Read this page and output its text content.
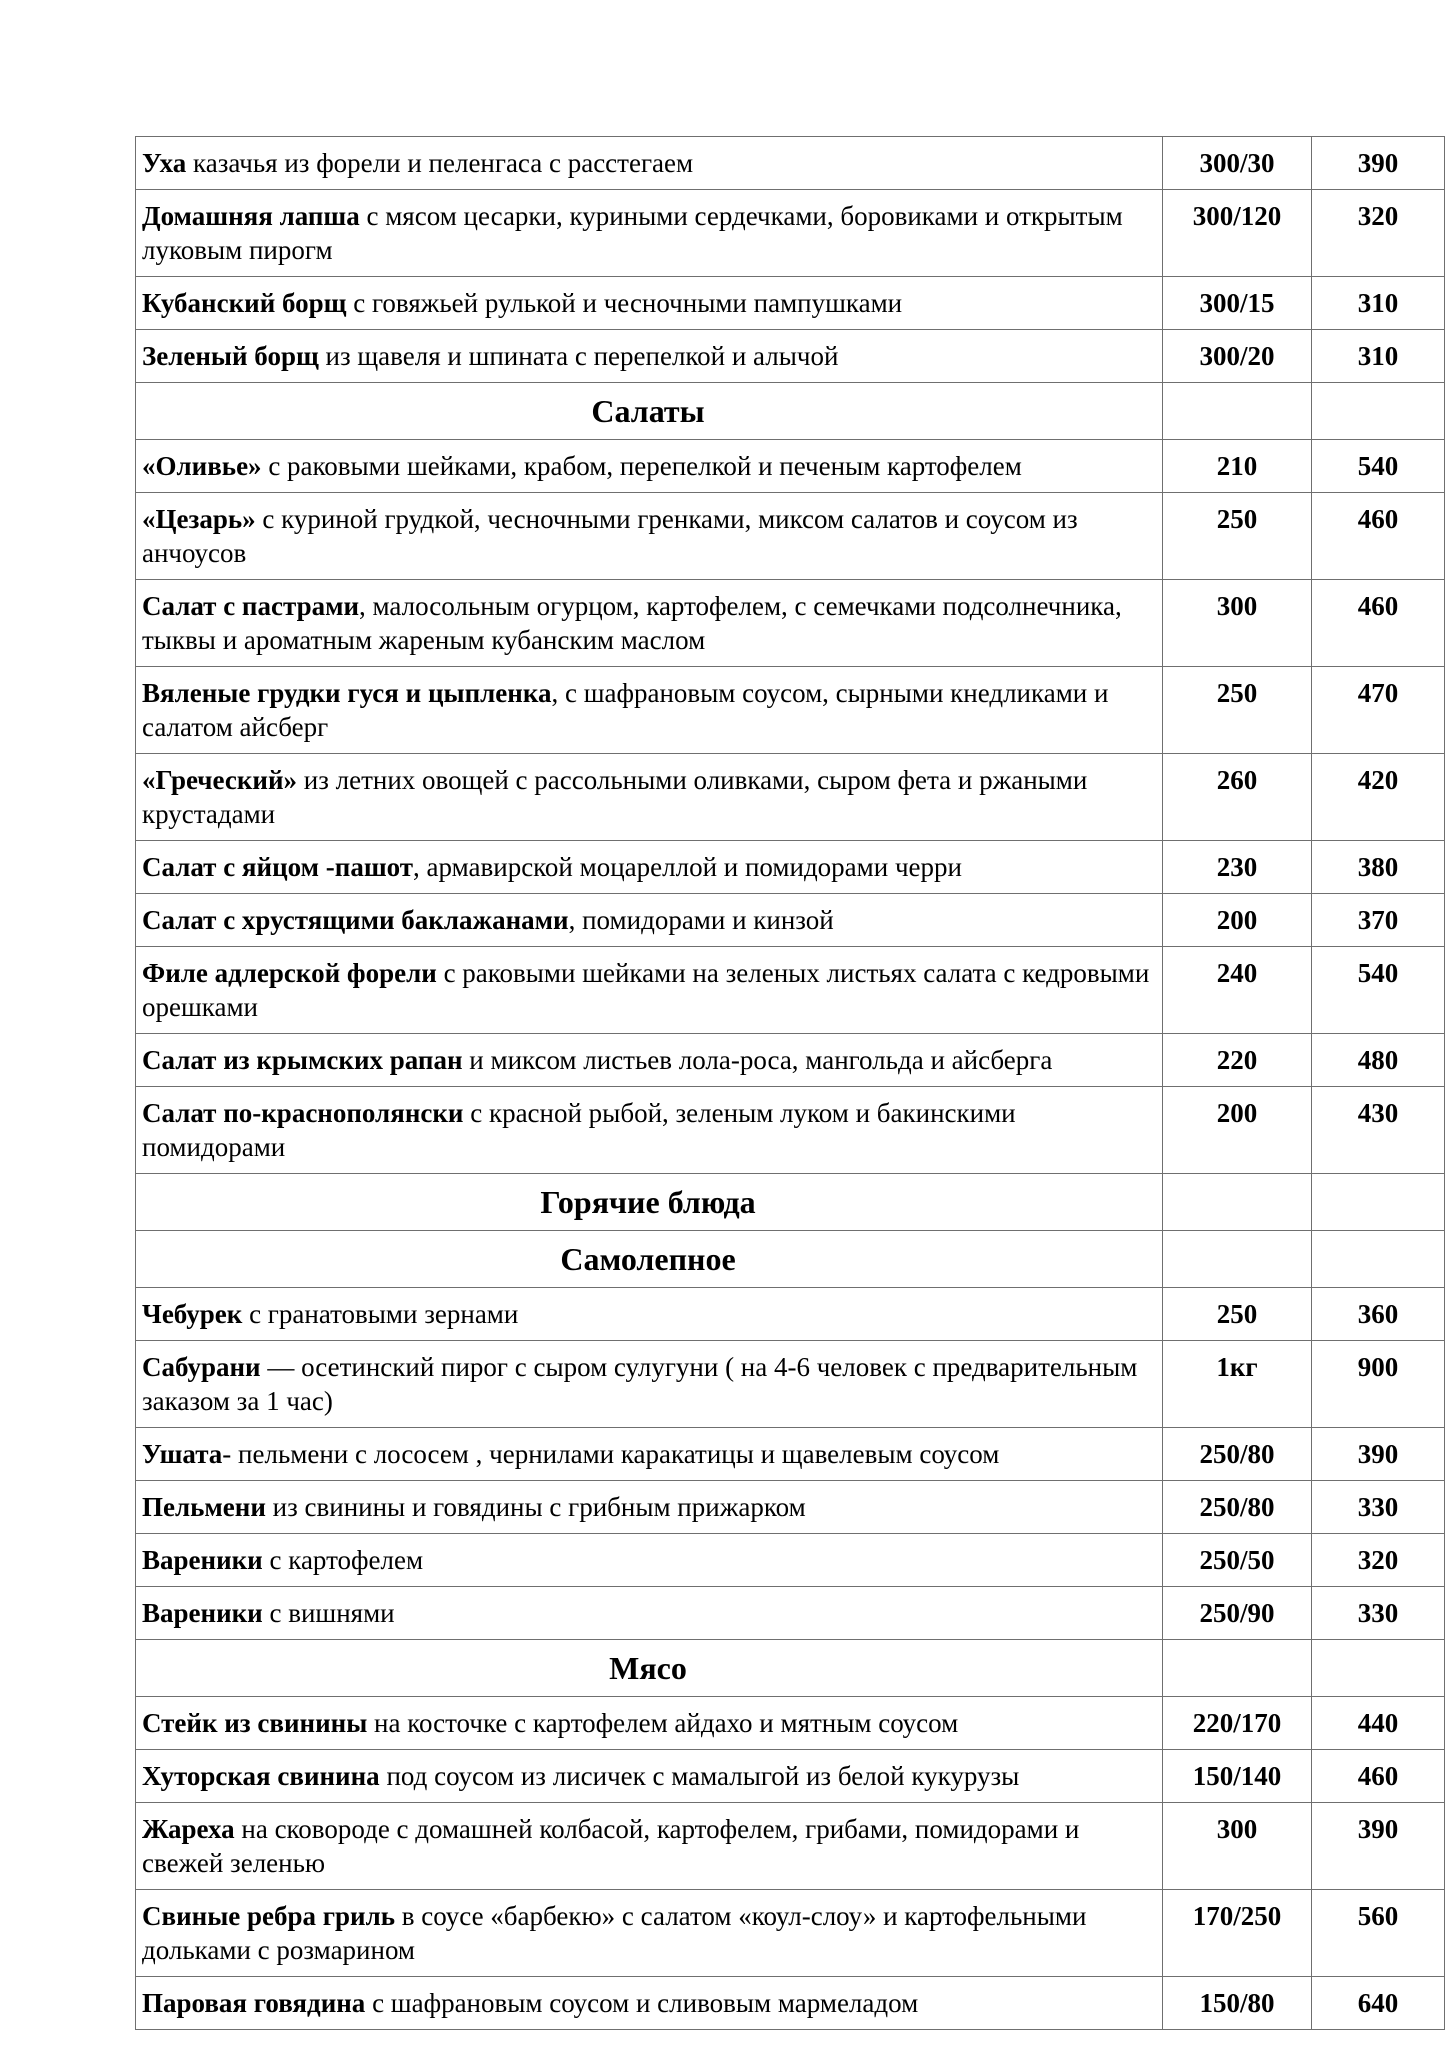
Уха казачья из форели и пеленгаса с расстегаем	300/30	390
Домашняя лапша с мясом цесарки, куриными сердечками, боровиками и открытым луковым пирогм	300/120	320
Кубанский борщ с говяжьей рулькой и чесночными пампушками	300/15	310
Зеленый борщ из щавеля и шпината с перепелкой и алычой	300/20	310
Салаты		
«Оливье» с раковыми шейками, крабом, перепелкой и печеным картофелем	210	540
«Цезарь» с куриной грудкой, чесночными гренками, миксом салатов и соусом из анчоусов	250	460
Салат с пастрами, малосольным огурцом, картофелем, с семечками подсолнечника, тыквы и ароматным жареным кубанским маслом	300	460
Вяленые грудки гуся и цыпленка, с шафрановым соусом, сырными кнедликами и салатом айсберг	250	470
«Греческий» из летних овощей с рассольными оливками, сыром фета и ржаными крустадами	260	420
Салат с яйцом -пашот, армавирской моцареллой и помидорами черри	230	380
Салат с хрустящими баклажанами, помидорами и кинзой	200	370
Филе адлерской форели с раковыми шейками на зеленых листьях салата с кедровыми орешками	240	540
Салат из крымских рапан и миксом листьев лола-роса, мангольда и айсберга	220	480
Салат по-краснополянски с красной рыбой, зеленым луком и бакинскими помидорами	200	430
Горячие блюда		
Самолепное		
Чебурек с гранатовыми зернами	250	360
Сабурани — осетинский пирог с сыром сулугуни ( на 4-6 человек с предварительным заказом за 1 час)	1кг	900
Ушата- пельмени с лососем , чернилами каракатицы и щавелевым соусом	250/80	390
Пельмени из свинины и говядины с грибным прижарком	250/80	330
Вареники с картофелем	250/50	320
Вареники с вишнями	250/90	330
Мясо		
Стейк из свинины на косточке с картофелем айдахо и мятным соусом	220/170	440
Хуторская свинина под соусом из лисичек с мамалыгой из белой кукурузы	150/140	460
Жареха на сковороде с домашней колбасой, картофелем, грибами, помидорами и свежей зеленью	300	390
Свиные ребра гриль в соусе «барбекю» с салатом «коул-слоу» и картофельными дольками с розмарином	170/250	560
Паровая говядина с шафрановым соусом и сливовым мармеладом	150/80	640
